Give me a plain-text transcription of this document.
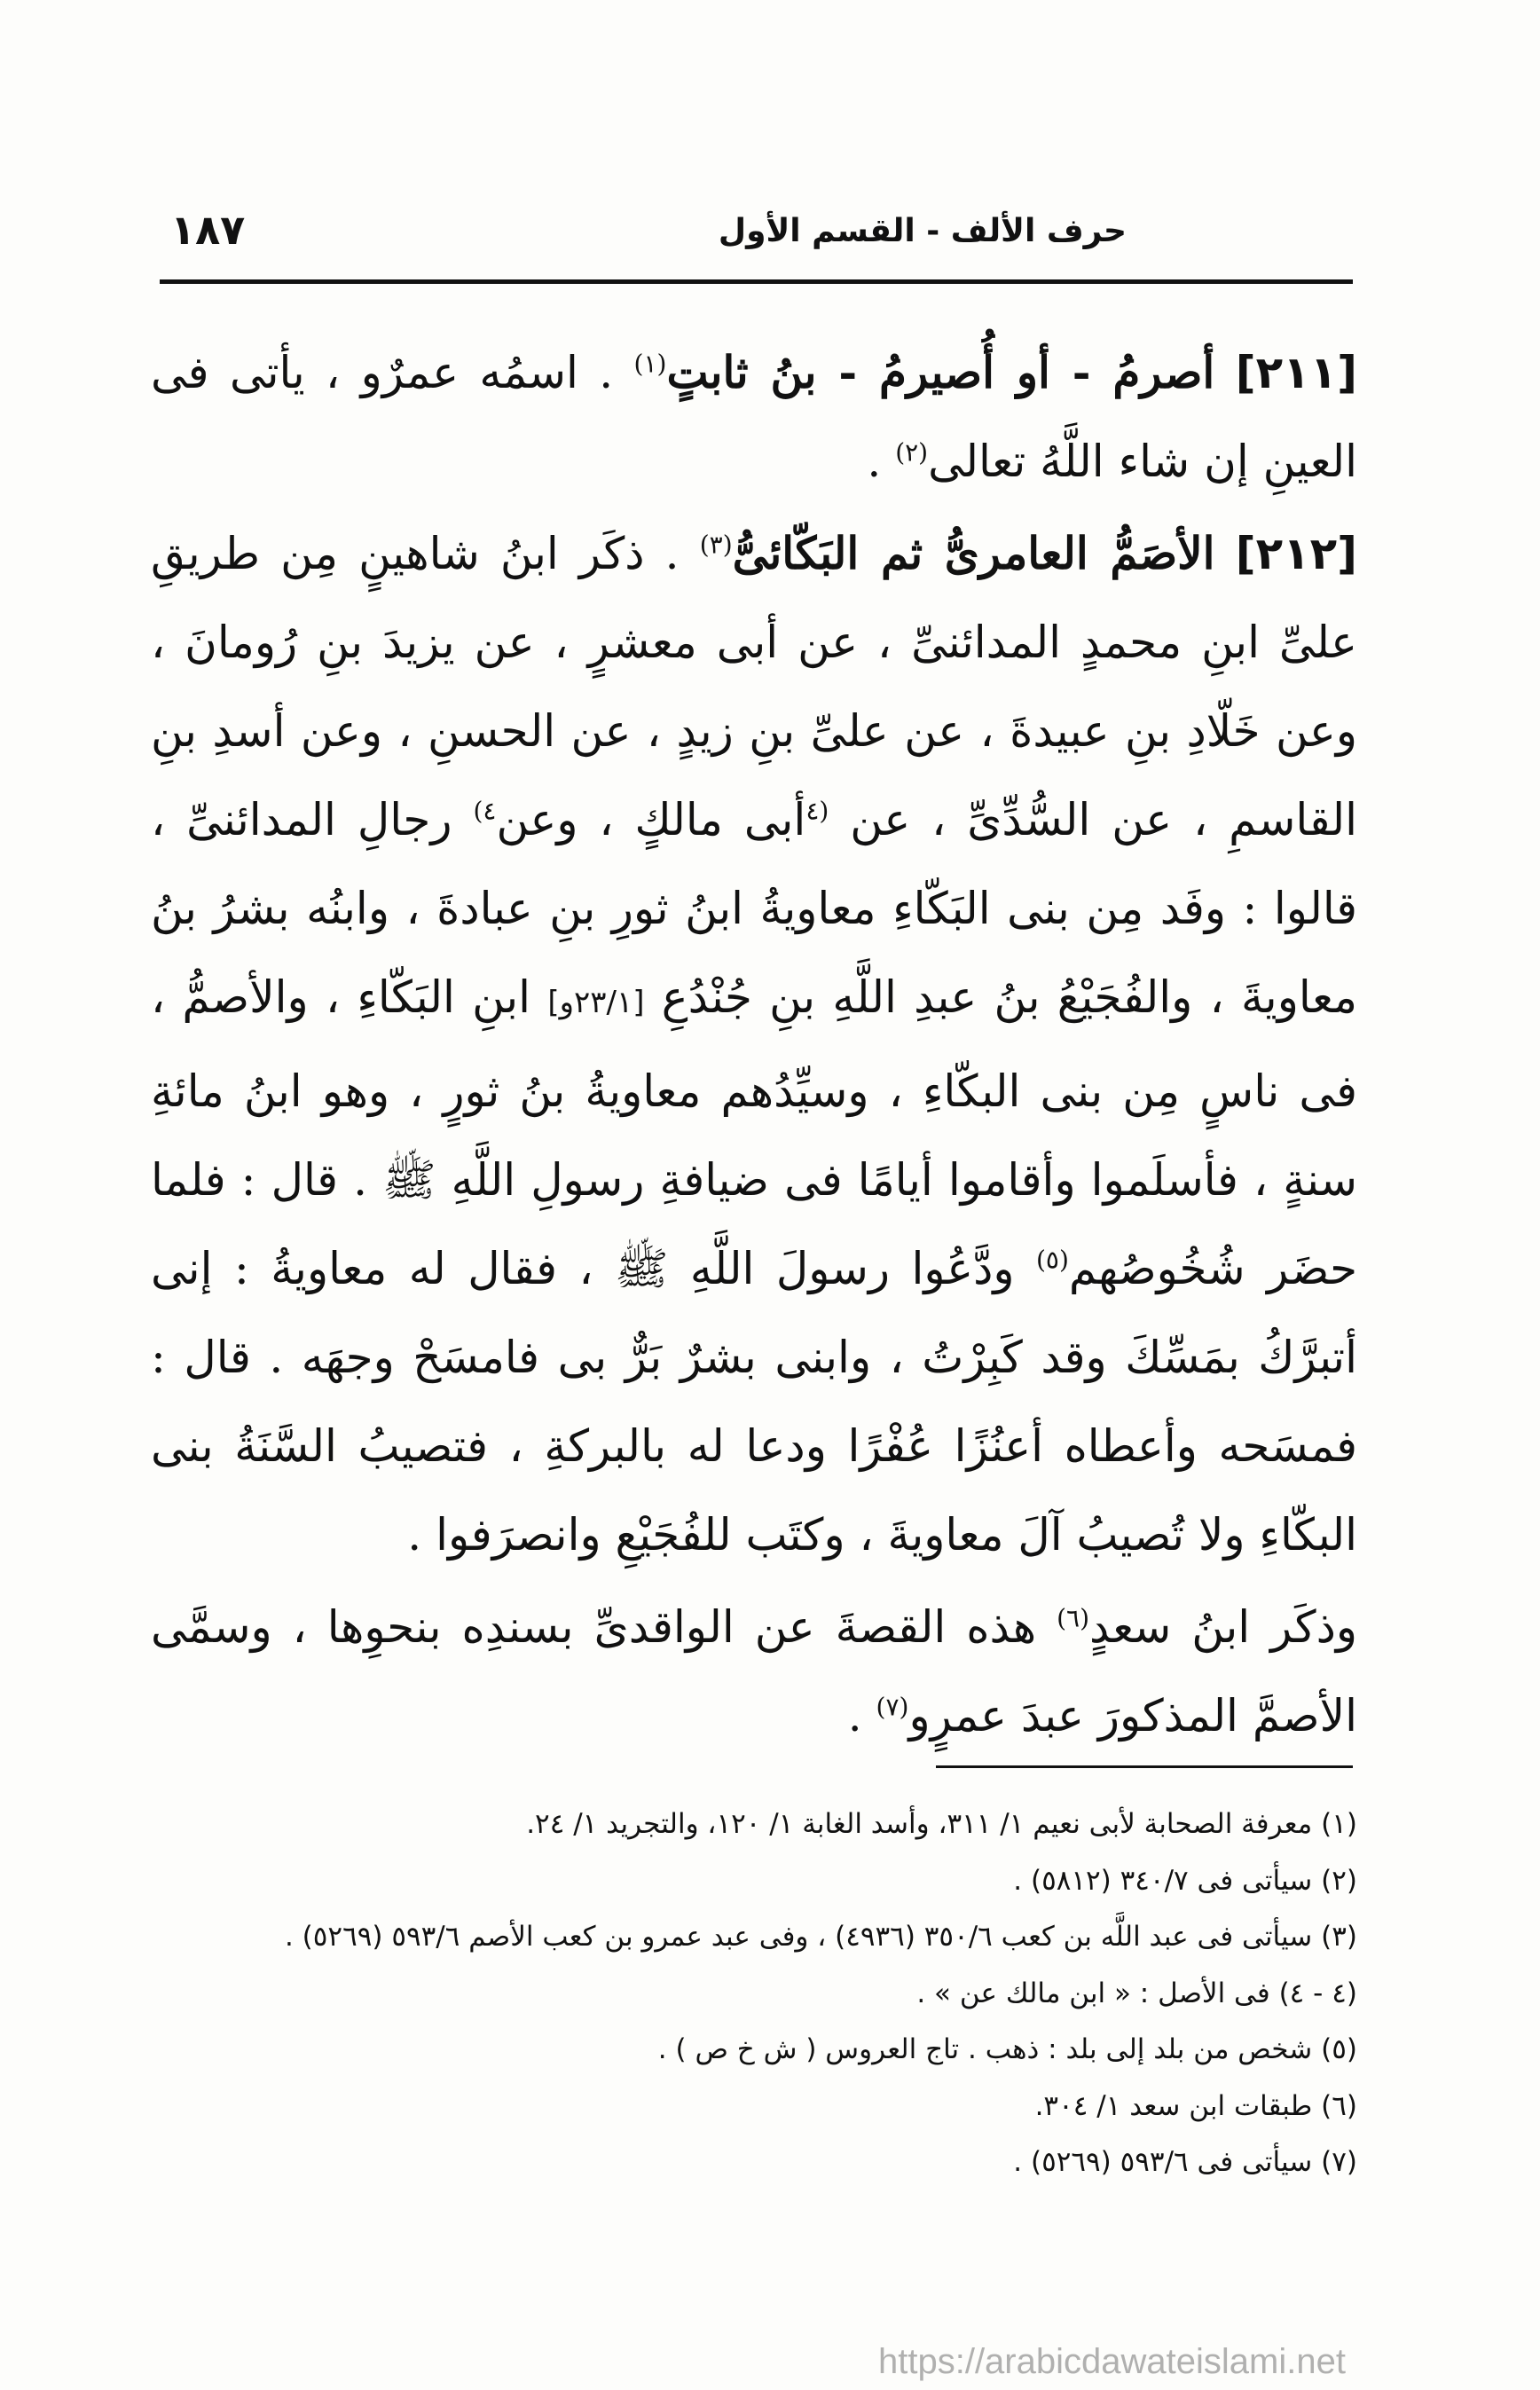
حرف الألف - القسم الأول
١٨٧

[٢١١] أصرمُ - أو أُصيرمُ - بنُ ثابتٍ$^{(١)}$ . اسمُه عمرٌو ، يأتى فى العينِ إن شاء اللَّهُ تعالى$^{(٢)}$ .

[٢١٢] الأصَمُّ العامرىُّ ثم البَكّائىُّ$^{(٣)}$ . ذكَر ابنُ شاهينٍ مِن طريقِ علىِّ ابنِ محمدٍ المدائنىِّ ، عن أبى معشرٍ ، عن يزيدَ بنِ رُومانَ ، وعن خَلّادِ بنِ عبيدةَ ، عن علىِّ بنِ زيدٍ ، عن الحسنِ ، وعن أسدِ بنِ القاسمِ ، عن السُّدِّىِّ ، عن $^{(٤}$أبى مالكٍ ، وعن$^{٤)}$ رجالِ المدائنىِّ ، قالوا : وفَد مِن بنى البَكّاءِ معاويةُ ابنُ ثورِ بنِ عبادةَ ، وابنُه بشرُ بنُ معاويةَ ، والفُجَيْعُ بنُ عبدِ اللَّهِ بنِ جُنْدُعِ [٢٣/١و] ابنِ البَكّاءِ ، والأصمُّ ، فى ناسٍ مِن بنى البكّاءِ ، وسيِّدُهم معاويةُ بنُ ثورٍ ، وهو ابنُ مائةِ سنةٍ ، فأسلَموا وأقاموا أيامًا فى ضيافةِ رسولِ اللَّهِ ﷺ . قال : فلما حضَر شُخُوصُهم$^{(٥)}$ ودَّعُوا رسولَ اللَّهِ ﷺ ، فقال له معاويةُ : إنى أتبرَّكُ بمَسِّكَ وقد كَبِرْتُ ، وابنى بشرٌ بَرٌّ بى فامسَحْ وجهَه . قال : فمسَحه وأعطاه أعنُزًا عُفْرًا ودعا له بالبركةِ ، فتصيبُ السَّنَةُ بنى البكّاءِ ولا تُصيبُ آلَ معاويةَ ، وكتَب للفُجَيْعِ وانصرَفوا .

وذكَر ابنُ سعدٍ$^{(٦)}$ هذه القصةَ عن الواقدىِّ بسندِه بنحوِها ، وسمَّى الأصمَّ المذكورَ عبدَ عمرٍو$^{(٧)}$ .

(١) معرفة الصحابة لأبى نعيم ١/ ٣١١، وأسد الغابة ١/ ١٢٠، والتجريد ١/ ٢٤.

(٢) سيأتى فى ٣٤٠/٧ (٥٨١٢) .

(٣) سيأتى فى عبد اللَّه بن كعب ٣٥٠/٦ (٤٩٣٦) ، وفى عبد عمرو بن كعب الأصم ٥٩٣/٦ (٥٢٦٩) .

(٤ - ٤) فى الأصل : « ابن مالك عن » .

(٥) شخص من بلد إلى بلد : ذهب . تاج العروس ( ش خ ص ) .

(٦) طبقات ابن سعد ١/ ٣٠٤.

(٧) سيأتى فى ٥٩٣/٦ (٥٢٦٩) .

https://arabicdawateislami.net
